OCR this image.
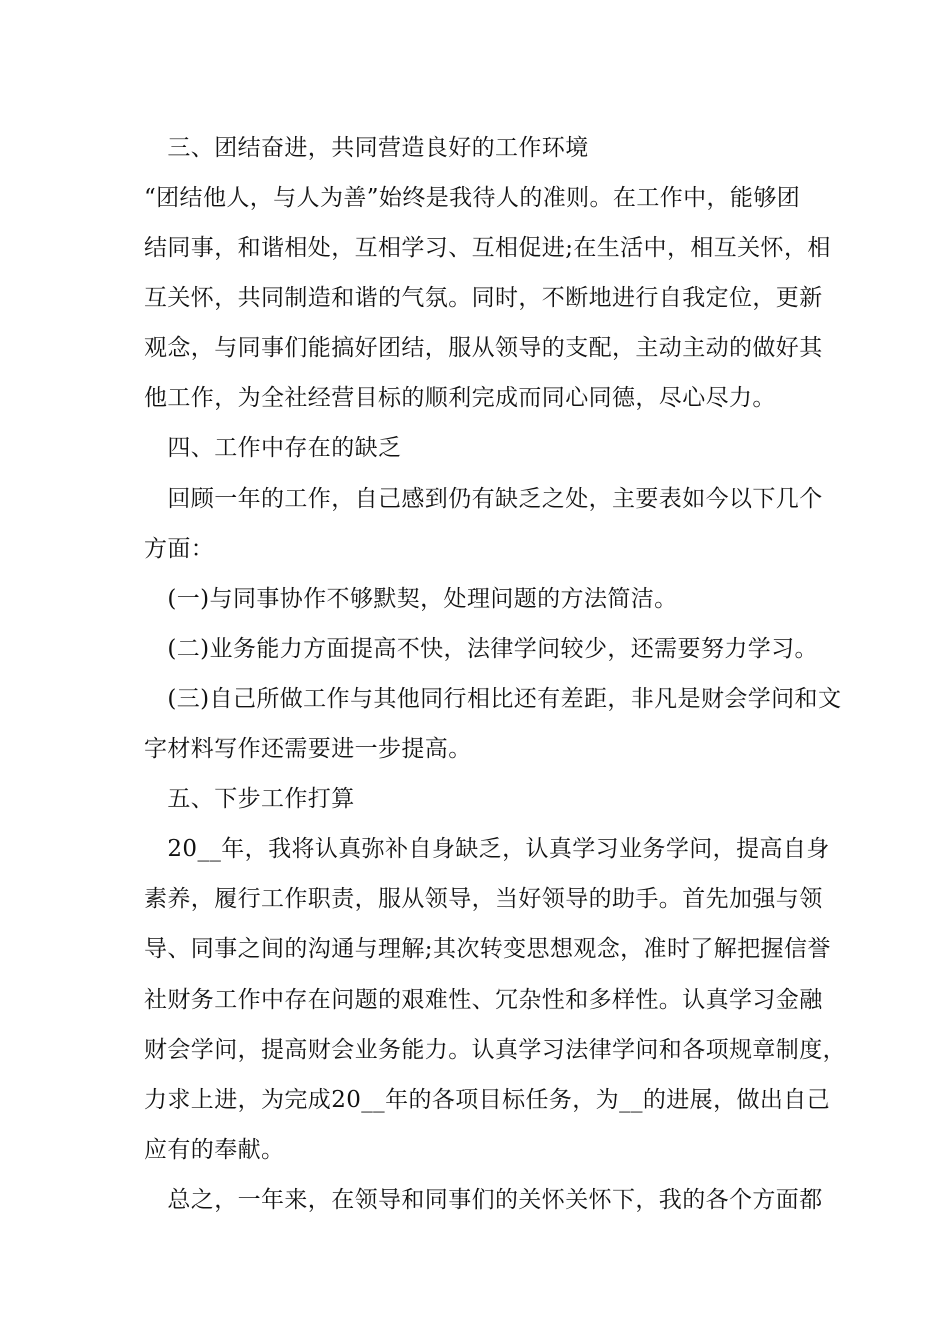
　三、团结奋进，共同营造良好的工作环境
“团结他人，与人为善”始终是我待人的准则。在工作中，能够团
结同事，和谐相处，互相学习、互相促进;在生活中，相互关怀，相
互关怀，共同制造和谐的气氛。同时，不断地进行自我定位，更新
观念，与同事们能搞好团结，服从领导的支配，主动主动的做好其
他工作，为全社经营目标的顺利完成而同心同德，尽心尽力。
　四、工作中存在的缺乏
　回顾一年的工作，自己感到仍有缺乏之处，主要表如今以下几个
方面：
　(一)与同事协作不够默契，处理问题的方法简洁。
　(二)业务能力方面提高不快，法律学问较少，还需要努力学习。
　(三)自己所做工作与其他同行相比还有差距，非凡是财会学问和文
字材料写作还需要进一步提高。
　五、下步工作打算
　20__年，我将认真弥补自身缺乏，认真学习业务学问，提高自身
素养，履行工作职责，服从领导，当好领导的助手。首先加强与领
导、同事之间的沟通与理解;其次转变思想观念，准时了解把握信誉
社财务工作中存在问题的艰难性、冗杂性和多样性。认真学习金融
财会学问，提高财会业务能力。认真学习法律学问和各项规章制度，
力求上进，为完成20__年的各项目标任务，为__的进展，做出自己
应有的奉献。
　总之，一年来，在领导和同事们的关怀关怀下，我的各个方面都
